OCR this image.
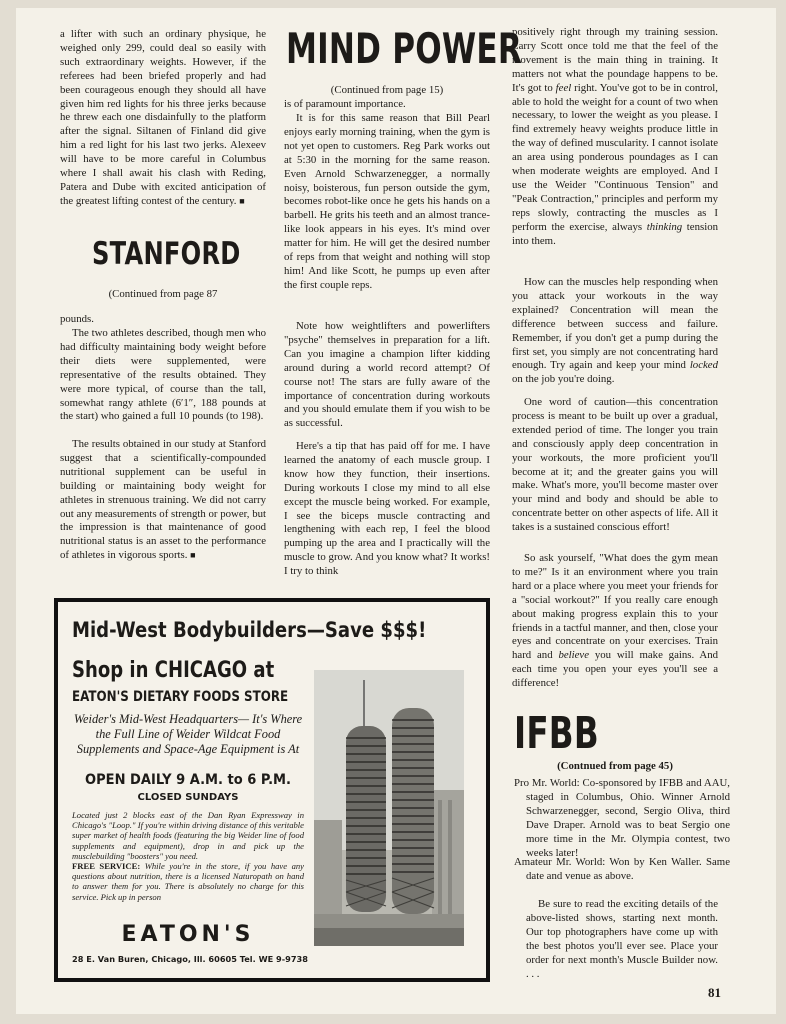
a lifter with such an ordinary physique, he weighed only 299, could deal so easily with such extraordinary weights. However, if the referees had been briefed properly and had been courageous enough they should all have given him red lights for his three jerks because he threw each one disdainfully to the platform after the signal. Siltanen of Finland did give him a red light for his last two jerks. Alexeev will have to be more careful in Columbus where I shall await his clash with Reding, Patera and Dube with excited anticipation of the greatest lifting contest of the century. ■

STANFORD

(Continued from page 87

pounds.

The two athletes described, though men who had difficulty maintaining body weight before their diets were supplemented, were representative of the results obtained. They were more typical, of course than the tall, somewhat rangy athlete (6′1″, 188 pounds at the start) who gained a full 10 pounds (to 198).

The results obtained in our study at Stanford suggest that a scientifically-compounded nutritional supplement can be useful in building or maintaining body weight for athletes in strenuous training. We did not carry out any measurements of strength or power, but the impression is that maintenance of good nutritional status is an asset to the performance of athletes in vigorous sports. ■

MIND POWER

(Continued from page 15)

is of paramount importance.

It is for this same reason that Bill Pearl enjoys early morning training, when the gym is not yet open to customers. Reg Park works out at 5:30 in the morning for the same reason. Even Arnold Schwarzenegger, a normally noisy, boisterous, fun person outside the gym, becomes robot-like once he gets his hands on a barbell. He grits his teeth and an almost trance-like look appears in his eyes. It's mind over matter for him. He will get the desired number of reps from that weight and nothing will stop him! And like Scott, he pumps up even after the first couple reps.

Note how weightlifters and powerlifters "psyche" themselves in preparation for a lift. Can you imagine a champion lifter kidding around during a world record attempt? Of course not! The stars are fully aware of the importance of concentration during workouts and you should emulate them if you wish to be as successful.

Here's a tip that has paid off for me. I have learned the anatomy of each muscle group. I know how they function, their insertions. During workouts I close my mind to all else except the muscle being worked. For example, I see the biceps muscle contracting and lengthening with each rep, I feel the blood pumping up the area and I practically will the muscle to grow. And you know what? It works! I try to think

positively right through my training session. Larry Scott once told me that the feel of the movement is the main thing in training. It matters not what the poundage happens to be. It's got to feel right. You've got to be in control, able to hold the weight for a count of two when necessary, to lower the weight as you please. I find extremely heavy weights produce little in the way of defined muscularity. I cannot isolate an area using ponderous poundages as I can when moderate weights are employed. And I use the Weider "Continuous Tension" and "Peak Contraction," principles and perform my reps slowly, contracting the muscles as I perform the exercise, always thinking tension into them.

How can the muscles help responding when you attack your workouts in the way explained? Concentration will mean the difference between success and failure. Remember, if you don't get a pump during the first set, you simply are not concentrating hard enough. Try again and keep your mind locked on the job you're doing.

One word of caution—this concentration process is meant to be built up over a gradual, extended period of time. The longer you train and consciously apply deep concentration in your workouts, the more proficient you'll become at it; and the greater gains you will make. What's more, you'll become master over your mind and body and should be able to concentrate better on other aspects of life. All it takes is a sustained conscious effort!

So ask yourself, "What does the gym mean to me?" Is it an environment where you train hard or a place where you meet your friends for a "social workout?" If you really care enough about making progress explain this to your friends in a tactful manner, and then, close your eyes and concentrate on your exercises. Train hard and believe you will make gains. And each time you open your eyes you'll see a difference!

IFBB

(Contnued from page 45)

Pro Mr. World: Co-sponsored by IFBB and AAU, staged in Columbus, Ohio. Winner Arnold Schwarzenegger, second, Sergio Oliva, third Dave Draper. Arnold was to beat Sergio one more time in the Mr. Olympia contest, two weeks later!

Amateur Mr. World: Won by Ken Waller. Same date and venue as above.

Be sure to read the exciting details of the above-listed shows, starting next month. Our top photographers have come up with the best photos you'll ever see. Place your order for next month's Muscle Builder now. . . .

Mid-West Bodybuilders—Save $$$!
Shop in CHICAGO at
EATON'S DIETARY FOODS STORE

Weider's Mid-West Headquarters— It's Where the Full Line of Weider Wildcat Food Supplements and Space-Age Equipment is At

OPEN DAILY 9 A.M. to 6 P.M.
CLOSED SUNDAYS

Located just 2 blocks east of the Dan Ryan Expressway in Chicago's "Loop." If you're within driving distance of this veritable super market of health foods (featuring the big Weider line of food supplements and equipment), drop in and pick up the musclebuilding "boosters" you need.
FREE SERVICE: While you're in the store, if you have any questions about nutrition, there is a licensed Naturopath on hand to answer them for you. There is absolutely no charge for this service. Pick up in person

EATON'S
28 E. Van Buren, Chicago, Ill. 60605 Tel. WE 9-9738
81
